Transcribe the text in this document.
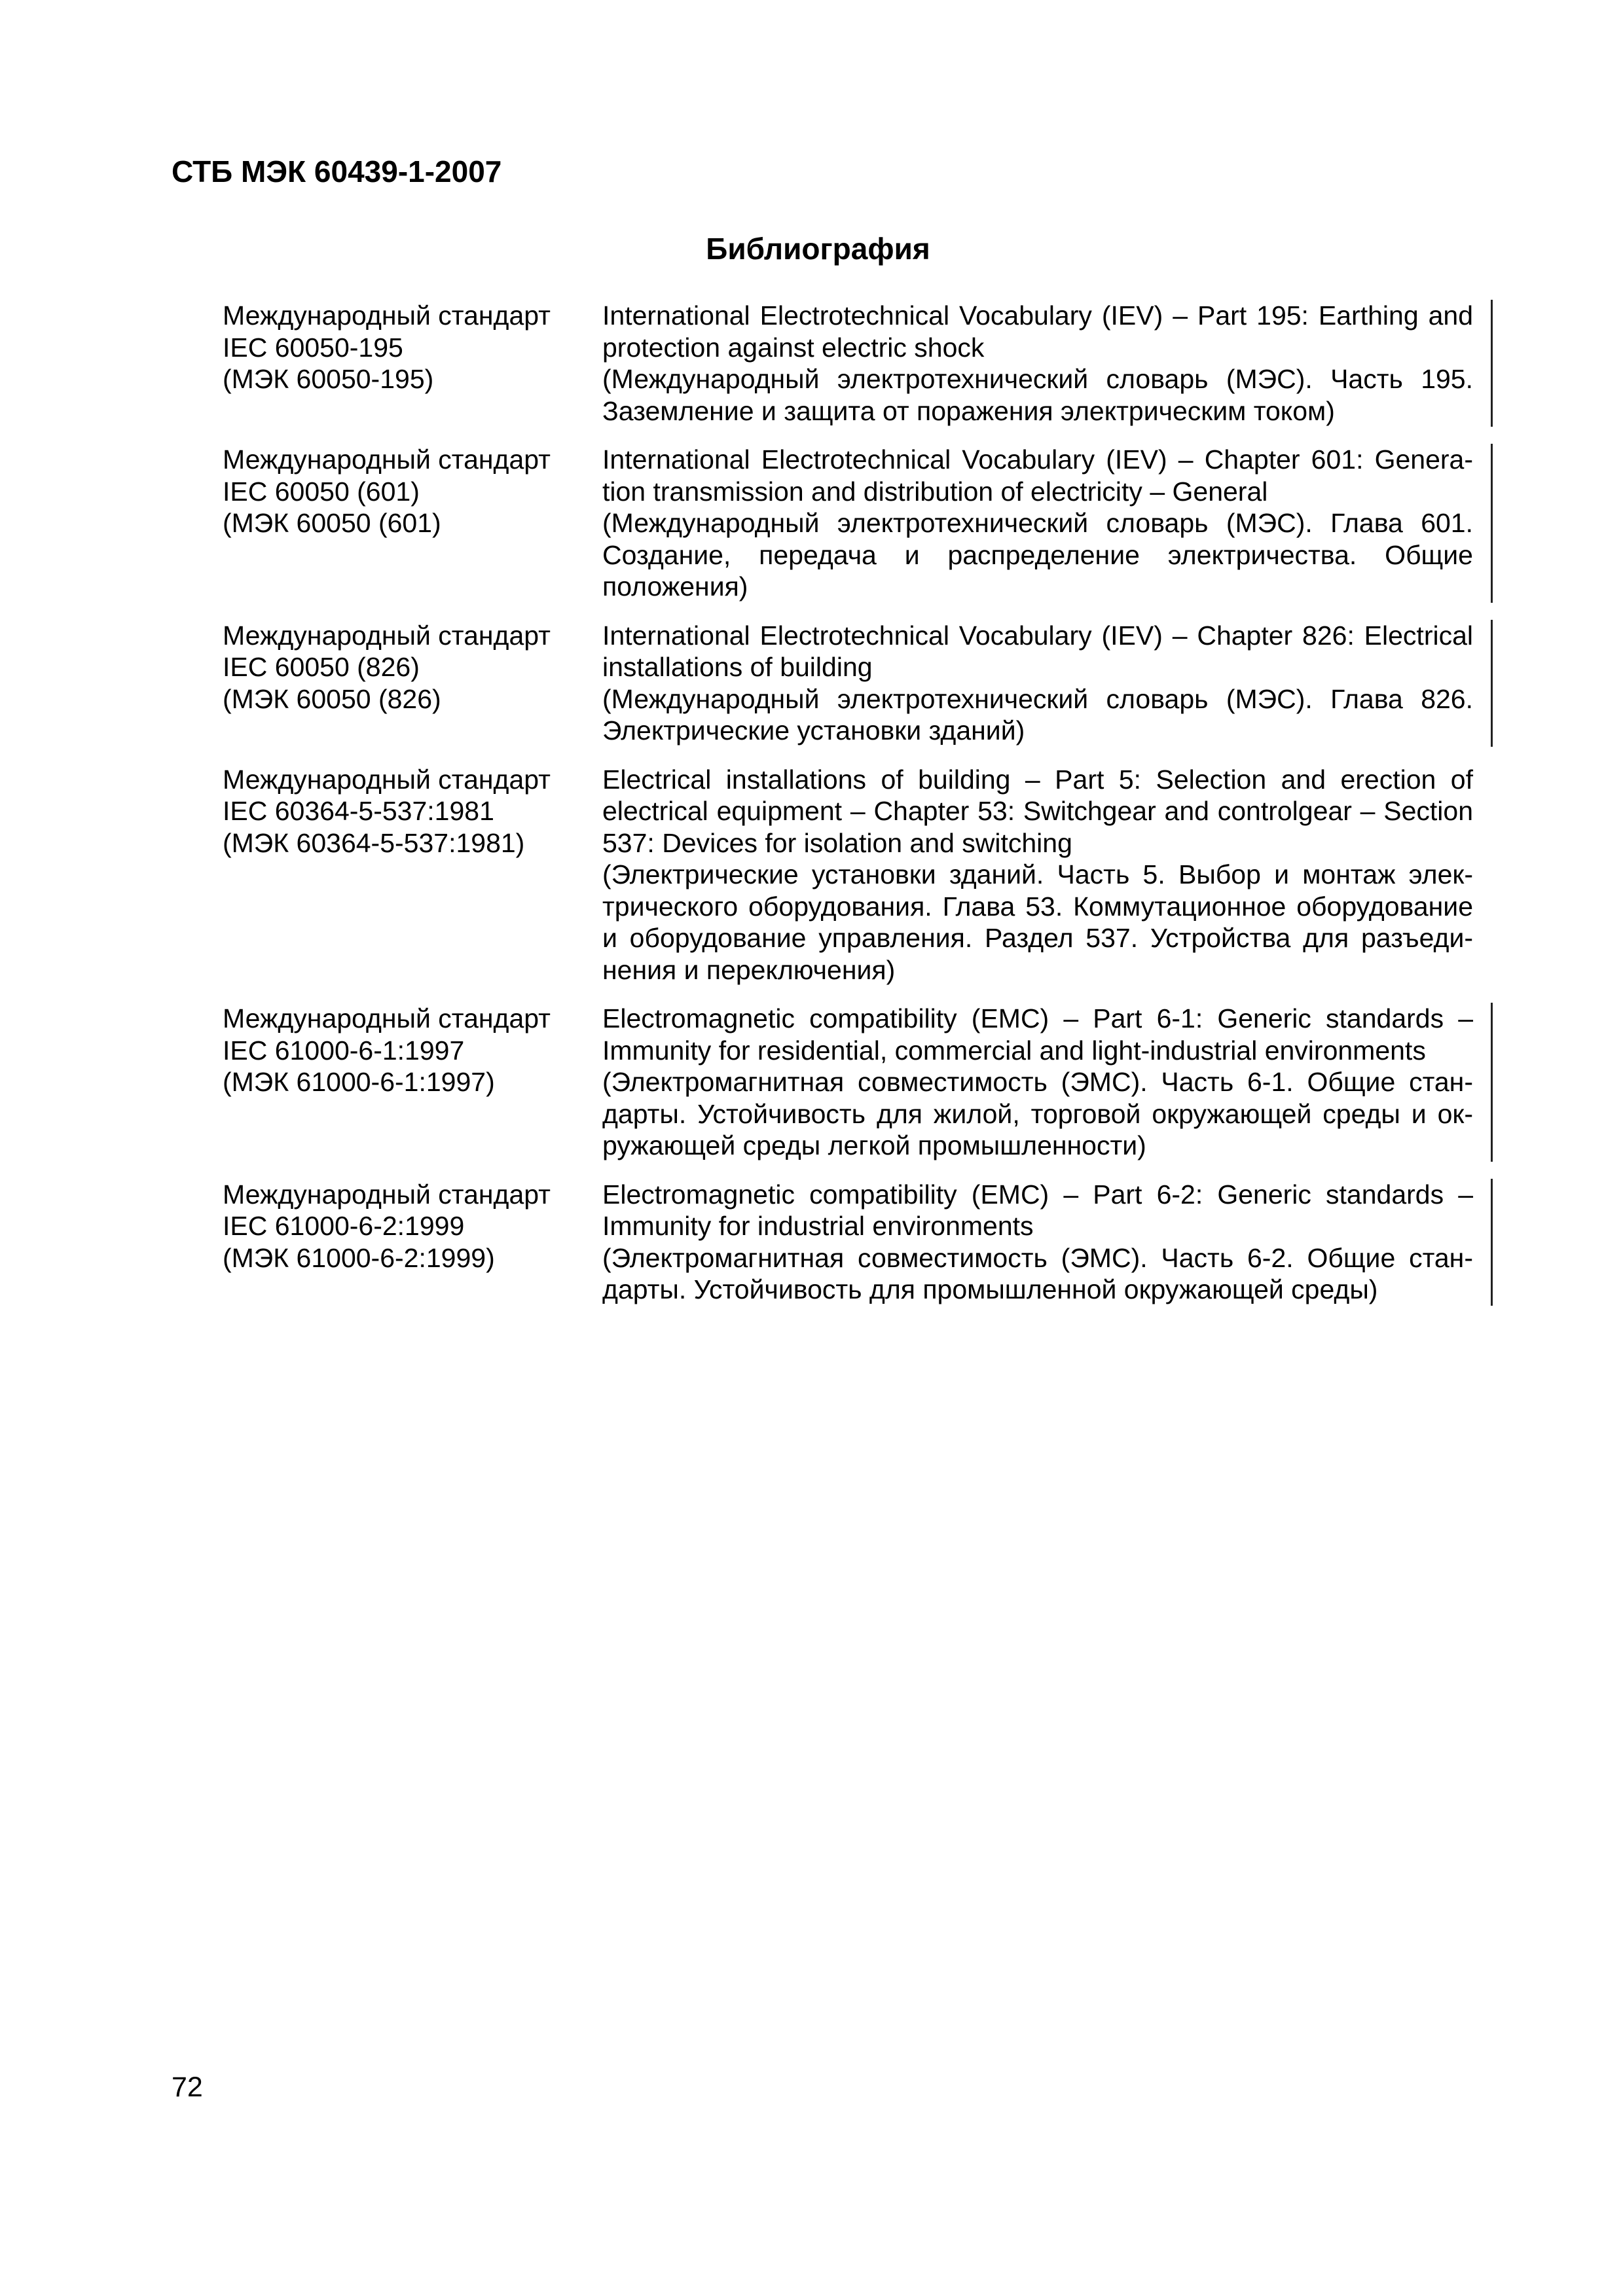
СТБ МЭК 60439-1-2007
Библиография
Международный стандарт
IEC 60050-195
(МЭК 60050-195)

International Electrotechnical Vocabulary (IEV) – Part 195: Earthing and protection against electric shock

(Международный электротехнический словарь (МЭС). Часть 195. Заземление и защита от поражения электрическим током)

Международный стандарт
IEC 60050 (601)
(МЭК 60050 (601)

International Electrotechnical Vocabulary (IEV) – Chapter 601: Generation transmission and distribution of electricity – General

(Международный электротехнический словарь (МЭС). Глава 601. Создание, передача и распределение электричества. Общие положения)

Международный стандарт
IEC 60050 (826)
(МЭК 60050 (826)

International Electrotechnical Vocabulary (IEV) – Chapter 826: Electrical installations of building

(Международный электротехнический словарь (МЭС). Глава 826. Электрические установки зданий)

Международный стандарт
IEC 60364-5-537:1981
(МЭК 60364-5-537:1981)

Electrical installations of building – Part 5: Selection and erection of electrical equipment – Chapter 53: Switchgear and controlgear – Section 537: Devices for isolation and switching

(Электрические установки зданий. Часть 5. Выбор и монтаж электрического оборудования. Глава 53. Коммутационное оборудование и оборудование управления. Раздел 537. Устройства для разъединения и переключения)

Международный стандарт
IEC 61000-6-1:1997
(МЭК 61000-6-1:1997)

Electromagnetic compatibility (EMC) – Part 6-1: Generic standards – Immunity for residential, commercial and light-industrial environments

(Электромагнитная совместимость (ЭМС). Часть 6-1. Общие стандарты. Устойчивость для жилой, торговой окружающей среды и окружающей среды легкой промышленности)

Международный стандарт
IEC 61000-6-2:1999
(МЭК 61000-6-2:1999)

Electromagnetic compatibility (EMC) – Part 6-2: Generic standards – Immunity for industrial environments

(Электромагнитная совместимость (ЭМС). Часть 6-2. Общие стандарты. Устойчивость для промышленной окружающей среды)

72
